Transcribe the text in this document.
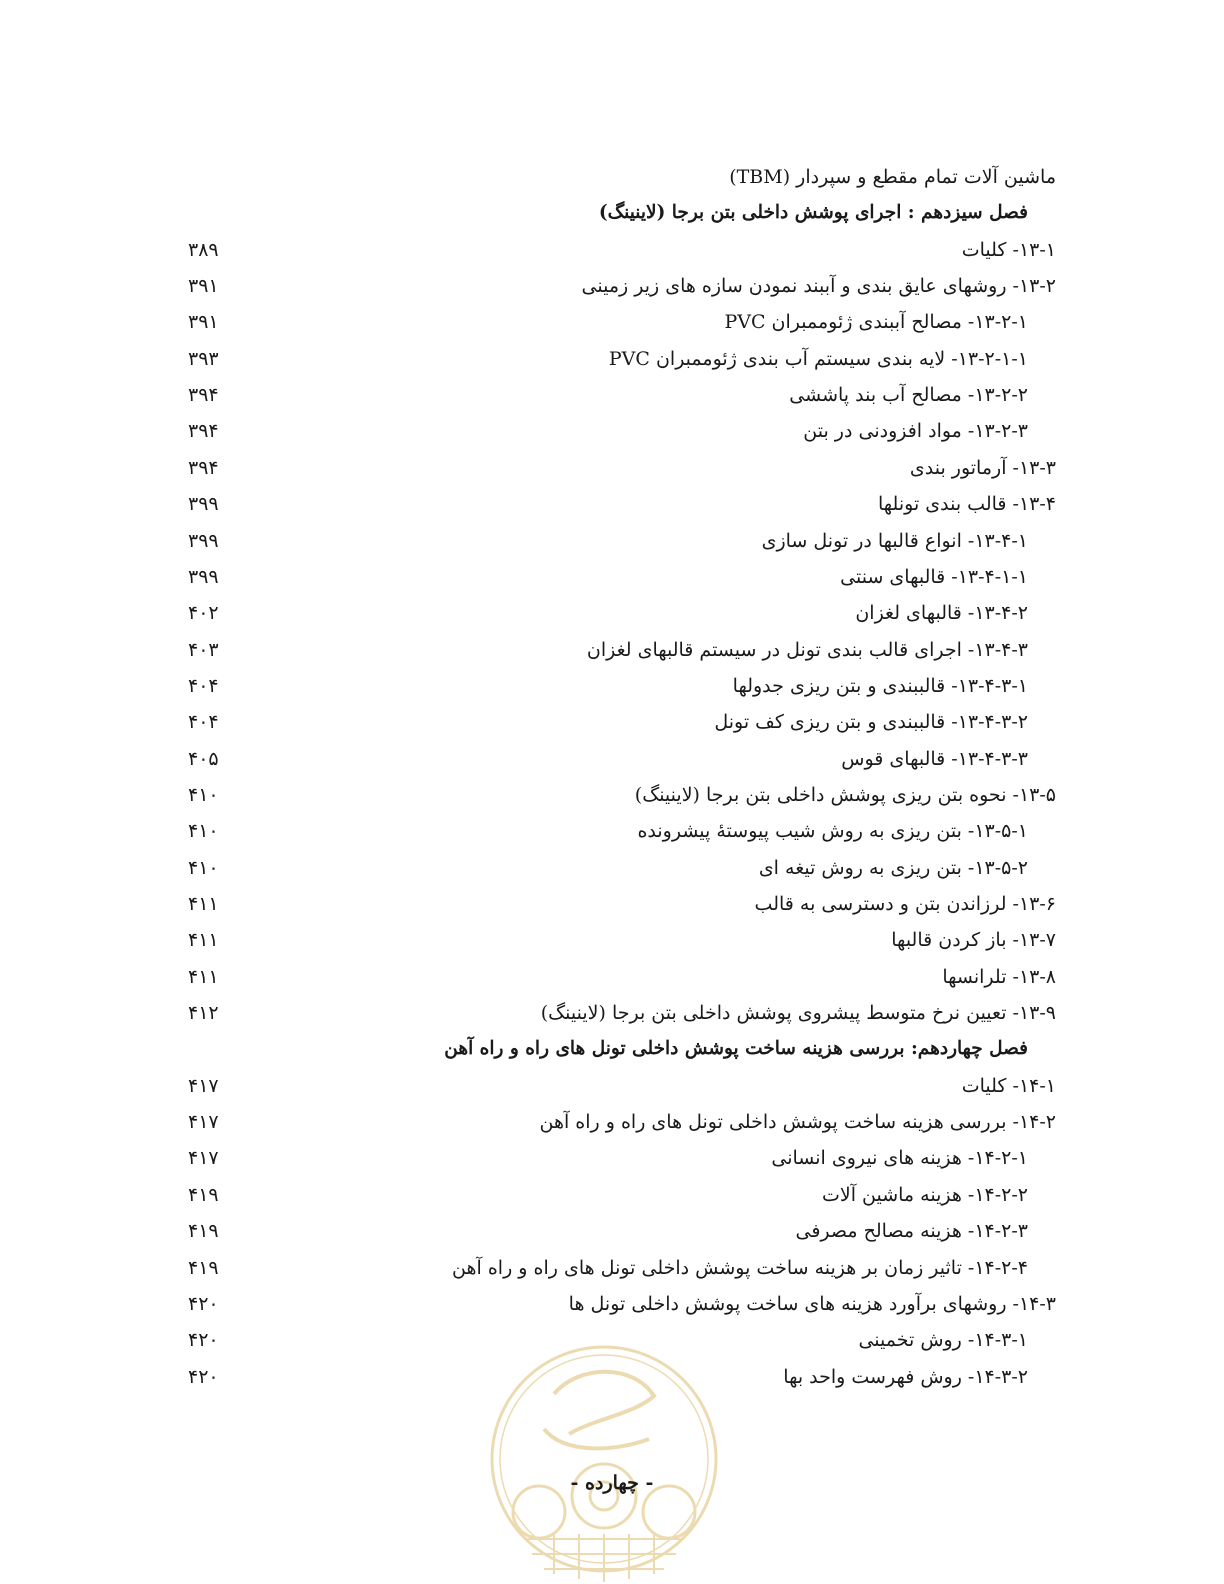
ماشین آلات تمام مقطع و سپردار (TBM)
فصل سیزدهم : اجرای پوشش داخلی بتن برجا (لاینینگ)
۱۳-۱- کلیات
۳۸۹
۱۳-۲- روشهای عایق بندی و آببند نمودن سازه های زیر زمینی
۳۹۱
۱۳-۲-۱- مصالح آببندی ژئوممبران PVC
۳۹۱
۱۳-۲-۱-۱- لایه بندی سیستم آب بندی ژئوممبران PVC
۳۹۳
۱۳-۲-۲- مصالح آب بند پاششی
۳۹۴
۱۳-۲-۳- مواد افزودنی در بتن
۳۹۴
۱۳-۳- آرماتور بندی
۳۹۴
۱۳-۴- قالب بندی تونلها
۳۹۹
۱۳-۴-۱- انواع قالبها در تونل سازی
۳۹۹
۱۳-۴-۱-۱- قالبهای سنتی
۳۹۹
۱۳-۴-۲- قالبهای لغزان
۴۰۲
۱۳-۴-۳- اجرای قالب بندی تونل در سیستم قالبهای لغزان
۴۰۳
۱۳-۴-۳-۱- قالببندی و بتن ریزی جدولها
۴۰۴
۱۳-۴-۳-۲- قالببندی و بتن ریزی کف تونل
۴۰۴
۱۳-۴-۳-۳- قالبهای قوس
۴۰۵
۱۳-۵- نحوه بتن ریزی پوشش داخلی بتن برجا (لاینینگ)
۴۱۰
۱۳-۵-۱- بتن ریزی به روش شیب پیوستۀ پیشرونده
۴۱۰
۱۳-۵-۲- بتن ریزی به روش تیغه ای
۴۱۰
۱۳-۶- لرزاندن بتن و دسترسی به قالب
۴۱۱
۱۳-۷- باز کردن قالبها
۴۱۱
۱۳-۸- تلرانسها
۴۱۱
۱۳-۹- تعیین نرخ متوسط پیشروی پوشش داخلی بتن برجا (لاینینگ)
۴۱۲
فصل چهاردهم: بررسی هزینه ساخت پوشش داخلی تونل های راه و راه آهن
۱۴-۱- کلیات
۴۱۷
۱۴-۲- بررسی هزینه ساخت پوشش داخلی تونل های راه و راه آهن
۴۱۷
۱۴-۲-۱- هزینه های نیروی انسانی
۴۱۷
۱۴-۲-۲- هزینه ماشین آلات
۴۱۹
۱۴-۲-۳- هزینه مصالح مصرفی
۴۱۹
۱۴-۲-۴- تاثیر زمان بر هزینه ساخت پوشش داخلی تونل های راه و راه آهن
۴۱۹
۱۴-۳- روشهای برآورد هزینه های ساخت پوشش داخلی تونل ها
۴۲۰
۱۴-۳-۱- روش تخمینی
۴۲۰
۱۴-۳-۲- روش فهرست واحد بها
۴۲۰
- چهارده -
